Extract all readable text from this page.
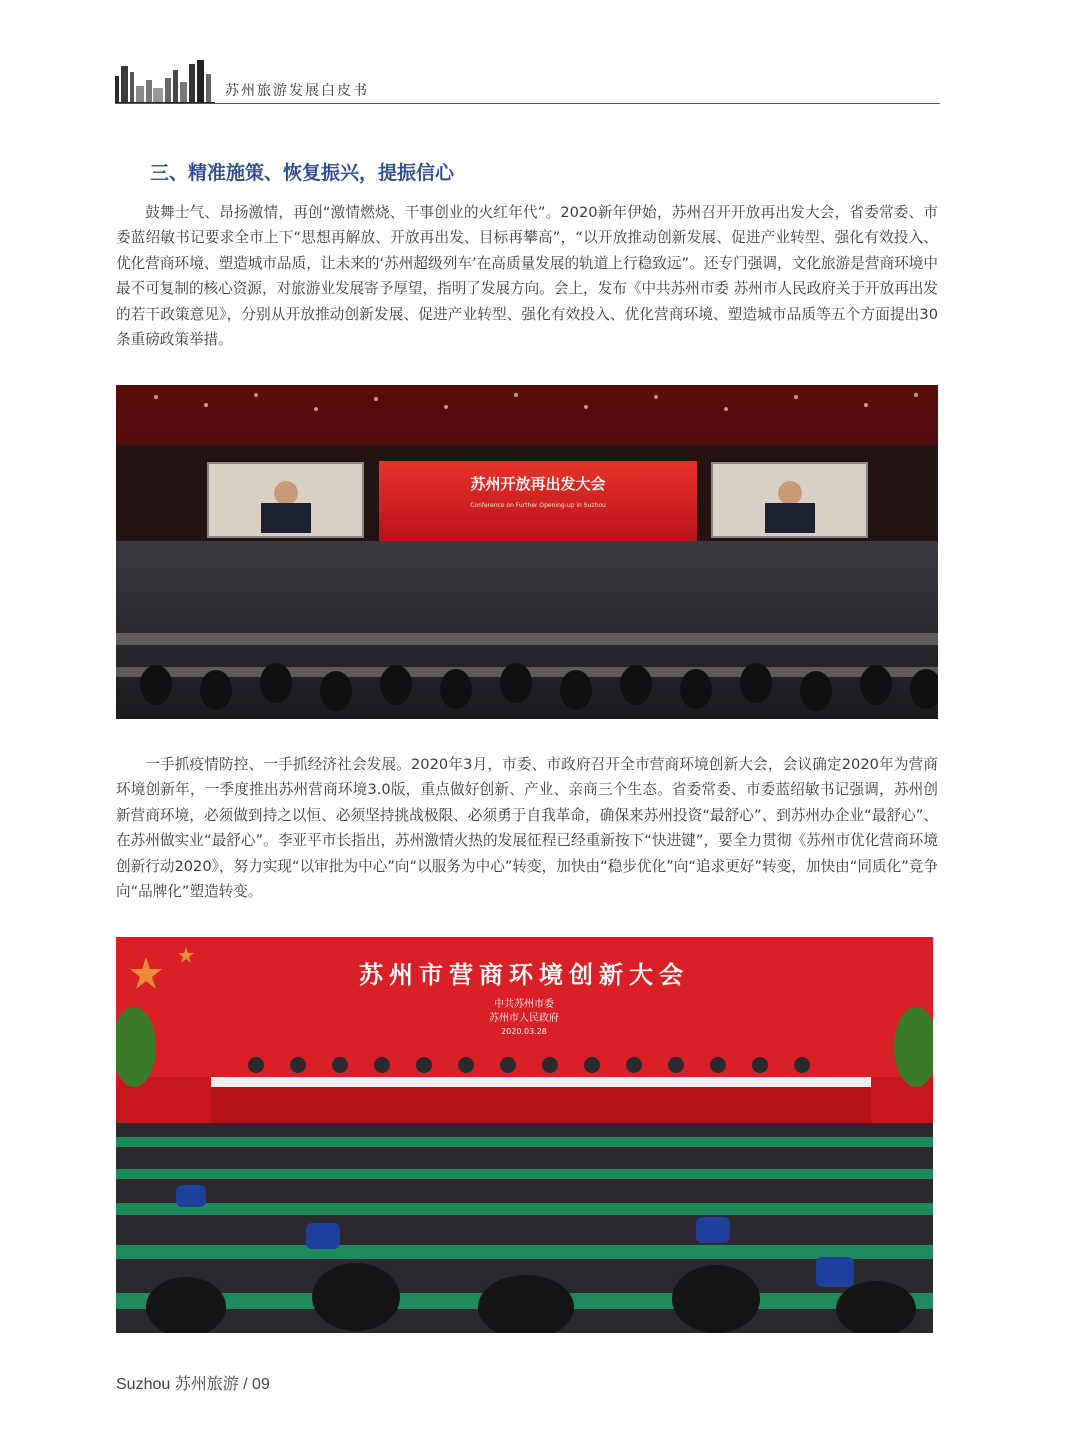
苏州旅游发展白皮书
三、精准施策、恢复振兴，提振信心
鼓舞士气、昂扬激情，再创“激情燃烧、干事创业的火红年代”。2020新年伊始，苏州召开开放再出发大会，省委常委、市委蓝绍敏书记要求全市上下“思想再解放、开放再出发、目标再攀高”，“以开放推动创新发展、促进产业转型、强化有效投入、优化营商环境、塑造城市品质，让未来的‘苏州超级列车’在高质量发展的轨道上行稳致远”。还专门强调，文化旅游是营商环境中最不可复制的核心资源，对旅游业发展寄予厚望，指明了发展方向。会上，发布《中共苏州市委 苏州市人民政府关于开放再出发的若干政策意见》，分别从开放推动创新发展、促进产业转型、强化有效投入、优化营商环境、塑造城市品质等五个方面提出30条重磅政策举措。
苏州开放再出发大会
Conference on Further Opening-up in Suzhou
一手抓疫情防控、一手抓经济社会发展。2020年3月，市委、市政府召开全市营商环境创新大会，会议确定2020年为营商环境创新年，一季度推出苏州营商环境3.0版，重点做好创新、产业、亲商三个生态。省委常委、市委蓝绍敏书记强调，苏州创新营商环境，必须做到持之以恒、必须坚持挑战极限、必须勇于自我革命，确保来苏州投资“最舒心”、到苏州办企业“最舒心”、在苏州做实业“最舒心”。李亚平市长指出，苏州激情火热的发展征程已经重新按下“快进键”，要全力贯彻《苏州市优化营商环境创新行动2020》，努力实现“以审批为中心”向“以服务为中心”转变，加快由“稳步优化”向“追求更好”转变，加快由“同质化”竞争向“品牌化”塑造转变。
苏州市营商环境创新大会
中共苏州市委
苏州市人民政府
2020.03.28
Suzhou 苏州旅游 / 09
